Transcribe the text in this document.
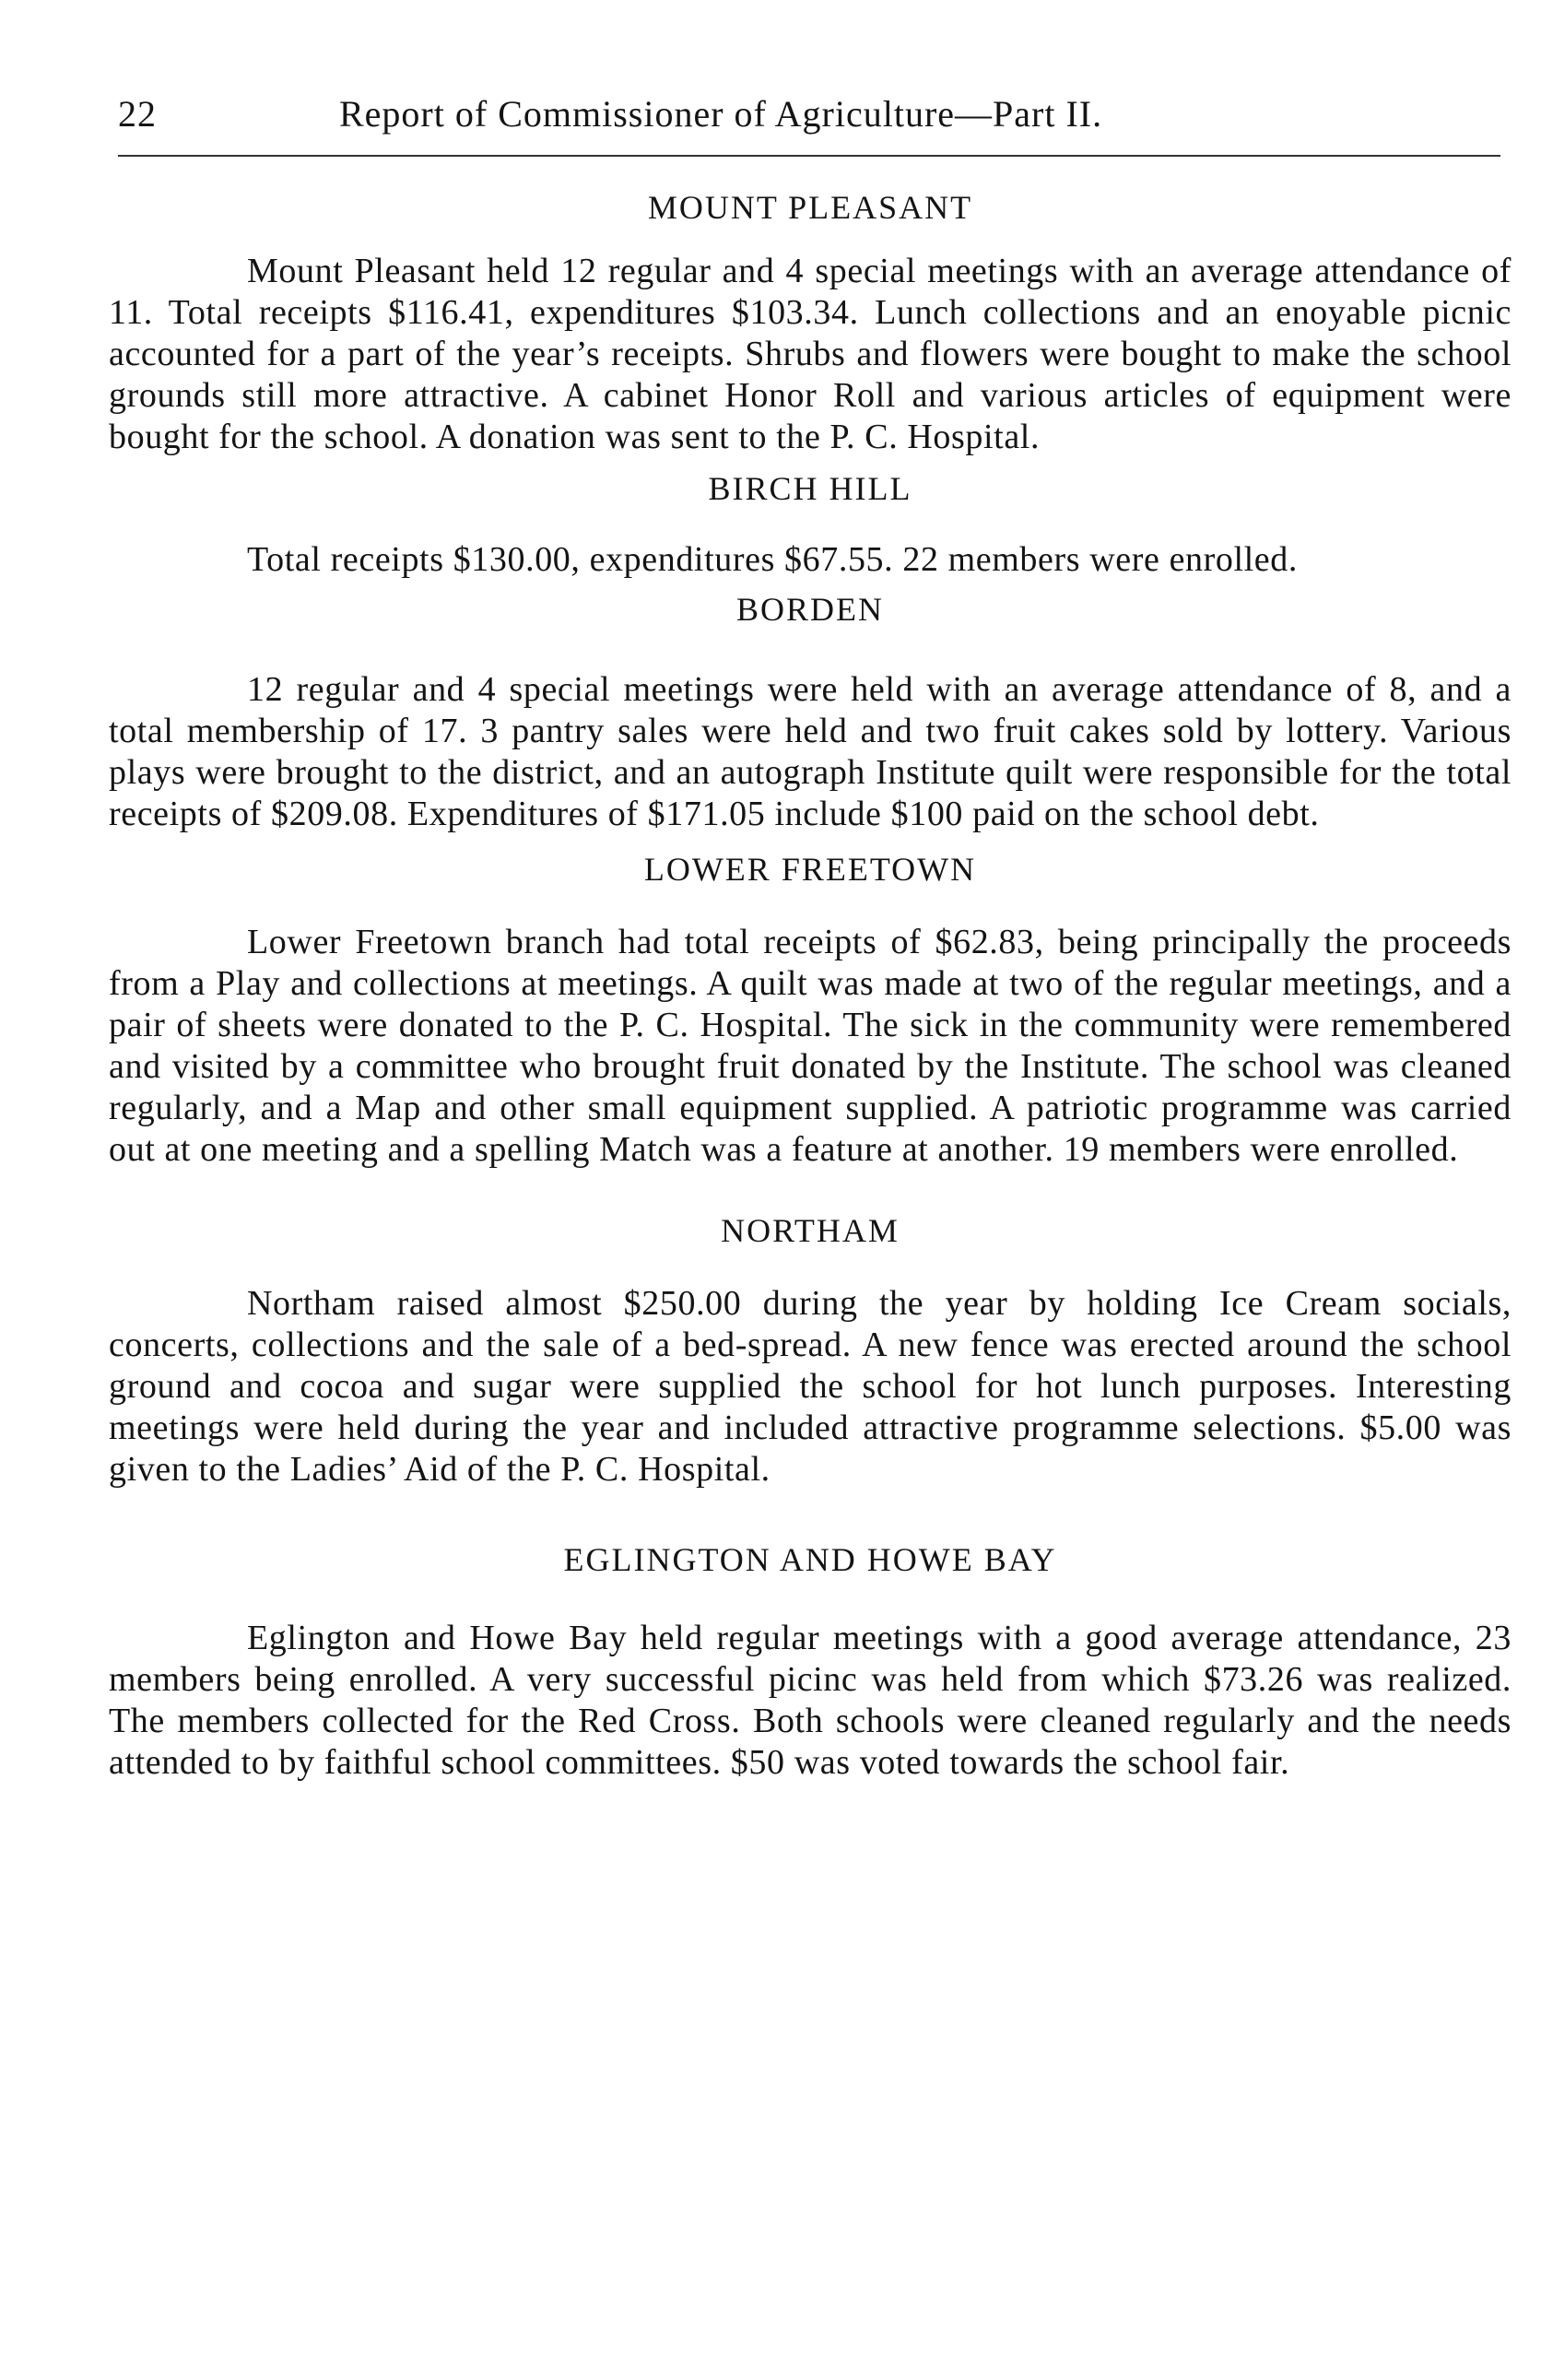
22	Report of Commissioner of Agriculture—Part II.
MOUNT PLEASANT

Mount Pleasant held 12 regular and 4 special meetings with an average attendance of 11. Total receipts $116.41, expenditures $103.34. Lunch collections and an enoyable picnic accounted for a part of the year’s receipts. Shrubs and flowers were bought to make the school grounds still more attractive. A cabinet Honor Roll and various articles of equipment were bought for the school. A donation was sent to the P. C. Hospital.

BIRCH HILL

Total receipts $130.00, expenditures $67.55. 22 members were enrolled.

BORDEN

12 regular and 4 special meetings were held with an average attendance of 8, and a total membership of 17. 3 pantry sales were held and two fruit cakes sold by lottery. Various plays were brought to the district, and an autograph Institute quilt were responsible for the total receipts of $209.08. Expenditures of $171.05 include $100 paid on the school debt.

LOWER FREETOWN

Lower Freetown branch had total receipts of $62.83, being principally the proceeds from a Play and collections at meetings. A quilt was made at two of the regular meetings, and a pair of sheets were donated to the P. C. Hospital. The sick in the community were remembered and visited by a committee who brought fruit donated by the Institute. The school was cleaned regularly, and a Map and other small equipment supplied. A patriotic programme was carried out at one meeting and a spelling Match was a feature at another. 19 members were enrolled.

NORTHAM

Northam raised almost $250.00 during the year by holding Ice Cream socials, concerts, collections and the sale of a bed-spread. A new fence was erected around the school ground and cocoa and sugar were supplied the school for hot lunch purposes. Interesting meetings were held during the year and included attractive programme selections. $5.00 was given to the Ladies’ Aid of the P. C. Hospital.

EGLINGTON AND HOWE BAY

Eglington and Howe Bay held regular meetings with a good average attendance, 23 members being enrolled. A very successful picinc was held from which $73.26 was realized. The members collected for the Red Cross. Both schools were cleaned regularly and the needs attended to by faithful school committees. $50 was voted towards the school fair.
